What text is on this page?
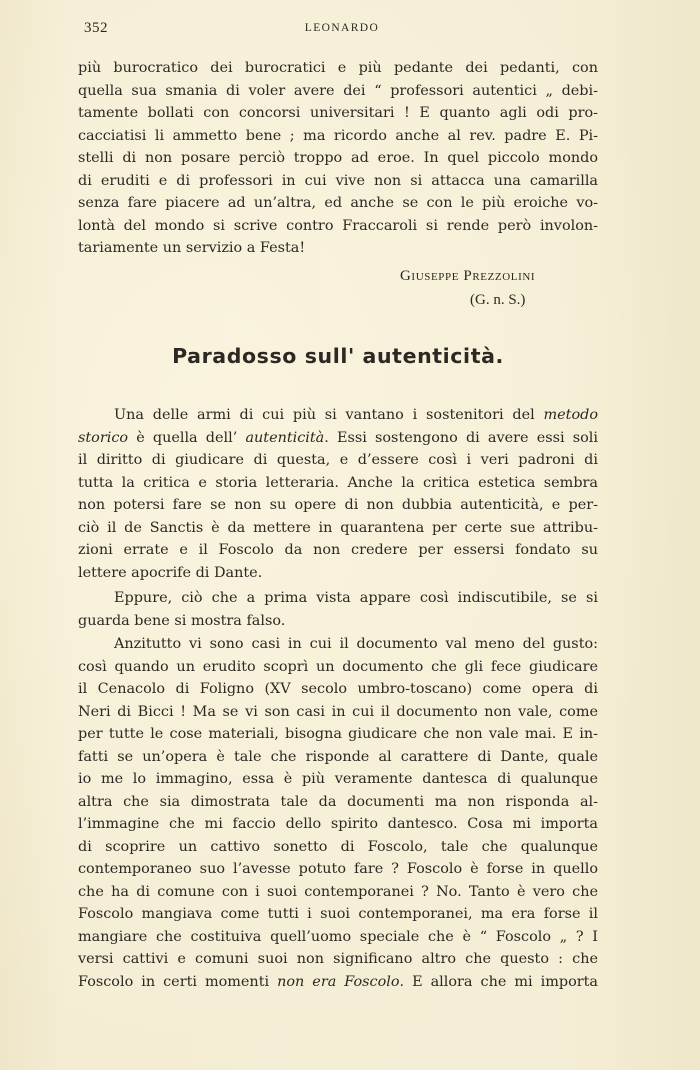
352	LEONARDO
più burocratico dei burocratici e più pedante dei pedanti, con
quella sua smania di voler avere dei “ professori autentici „ debi-
tamente bollati con concorsi universitari ! E quanto agli odi pro-
cacciatisi li ammetto bene ; ma ricordo anche al rev. padre E. Pi-
stelli di non posare perciò troppo ad eroe. In quel piccolo mondo
di eruditi e di professori in cui vive non si attacca una camarilla
senza fare piacere ad un’altra, ed anche se con le più eroiche vo-
lontà del mondo si scrive contro Fraccaroli si rende però involon-
tariamente un servizio a Festa!
Giuseppe Prezzolini
(G. n. S.)
Paradosso sull' autenticità.
Una delle armi di cui più si vantano i sostenitori del metodo
storico è quella dell’ autenticità. Essi sostengono di avere essi soli
il diritto di giudicare di questa, e d’essere così i veri padroni di
tutta la critica e storia letteraria. Anche la critica estetica sembra
non potersi fare se non su opere di non dubbia autenticità, e per-
ciò il de Sanctis è da mettere in quarantena per certe sue attribu-
zioni errate e il Foscolo da non credere per essersi fondato su
lettere apocrife di Dante.
Eppure, ciò che a prima vista appare così indiscutibile, se si
guarda bene si mostra falso.
Anzitutto vi sono casi in cui il documento val meno del gusto:
così quando un erudito scoprì un documento che gli fece giudicare
il Cenacolo di Foligno (XV secolo umbro-toscano) come opera di
Neri di Bicci ! Ma se vi son casi in cui il documento non vale, come
per tutte le cose materiali, bisogna giudicare che non vale mai. E in-
fatti se un’opera è tale che risponde al carattere di Dante, quale
io me lo immagino, essa è più veramente dantesca di qualunque
altra che sia dimostrata tale da documenti ma non risponda al-
l’immagine che mi faccio dello spirito dantesco. Cosa mi importa
di scoprire un cattivo sonetto di Foscolo, tale che qualunque
contemporaneo suo l’avesse potuto fare ? Foscolo è forse in quello
che ha di comune con i suoi contemporanei ? No. Tanto è vero che
Foscolo mangiava come tutti i suoi contemporanei, ma era forse il
mangiare che costituiva quell’uomo speciale che è “ Foscolo „ ? I
versi cattivi e comuni suoi non significano altro che questo : che
Foscolo in certi momenti non era Foscolo. E allora che mi importa
